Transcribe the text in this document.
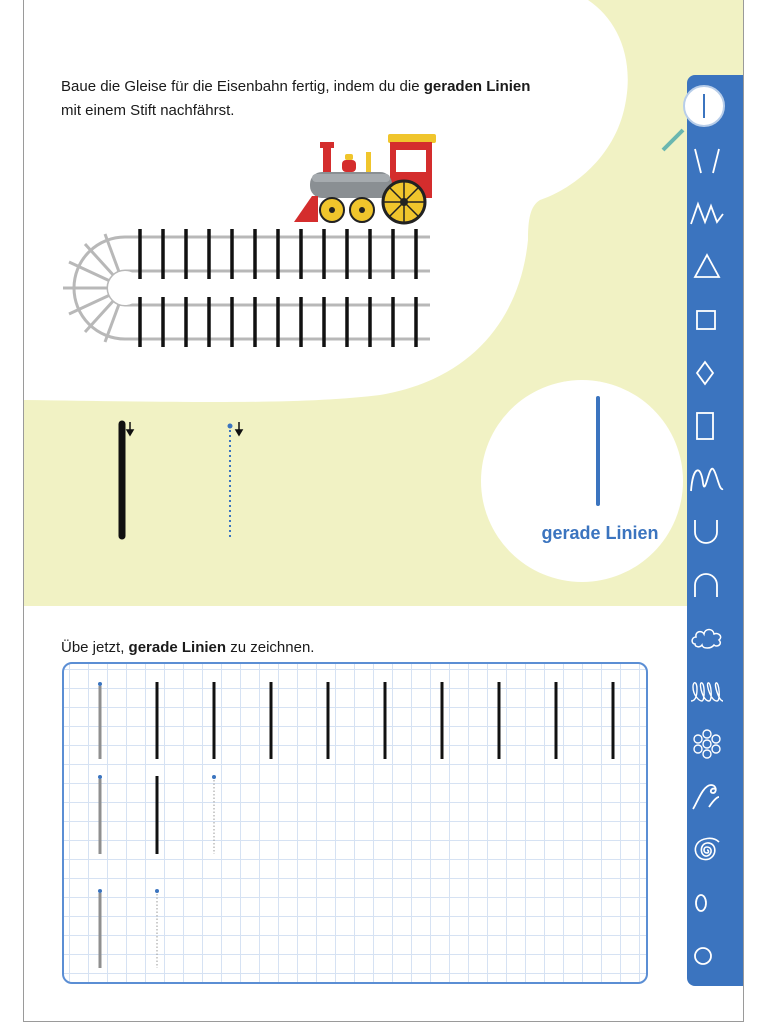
Baue die Gleise für die Eisenbahn fertig, indem du die geraden Linien
mit einem Stift nachfährst.
gerade Linien
Übe jetzt, gerade Linien zu zeichnen.
